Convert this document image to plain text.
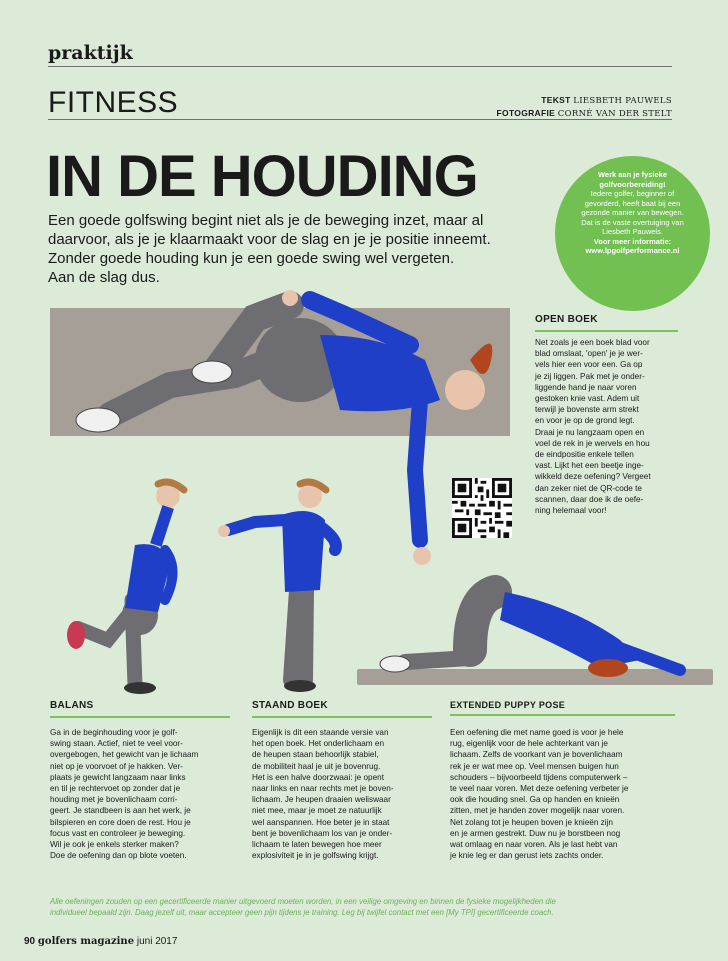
praktijk
FITNESS	TEKST LIESBETH PAUWELS
FOTOGRAFIE CORNÉ VAN DER STELT
IN DE HOUDING
Een goede golfswing begint niet als je de beweging inzet, maar al
daarvoor, als je je klaarmaakt voor de slag en je je positie inneemt.
Zonder goede houding kun je een goede swing wel vergeten.
Aan de slag dus.
Werk aan je fysieke
golfvoorbereiding!
Iedere golfer, beginner of
gevorderd, heeft baat bij een
gezonde manier van bewegen.
Dat is de vaste overtuiging van
Liesbeth Pauwels.
Voor meer informatie:
www.lpgolfperformance.nl
OPEN BOEK
Net zoals je een boek blad voor
blad omslaat, 'open' je je wer-
vels hier een voor een. Ga op
je zij liggen. Pak met je onder-
liggende hand je naar voren
gestoken knie vast. Adem uit
terwijl je bovenste arm strekt
en voor je op de grond legt.
Draai je nu langzaam open en
voel de rek in je wervels en hou
de eindpositie enkele tellen
vast. Lijkt het een beetje inge-
wikkeld deze oefening? Vergeet
dan zeker niet de QR-code te
scannen, daar doe ik de oefe-
ning helemaal voor!
BALANS
Ga in de beginhouding voor je golf-
swing staan. Actief, niet te veel voor-
overgebogen, het gewicht van je lichaam
niet op je voorvoet of je hakken. Ver-
plaats je gewicht langzaam naar links
en til je rechtervoet op zonder dat je
houding met je bovenlichaam corri-
geert. Je standbeen is aan het werk, je
bilspieren en core doen de rest. Hou je
focus vast en controleer je beweging.
Wil je ook je enkels sterker maken?
Doe de oefening dan op blote voeten.
STAAND BOEK
Eigenlijk is dit een staande versie van
het open boek. Het onderlichaam en
de heupen staan behoorlijk stabiel,
de mobiliteit haal je uit je bovenrug.
Het is een halve doorzwaai: je opent
naar links en naar rechts met je boven-
lichaam. Je heupen draaien weliswaar
niet mee, maar je moet ze natuurlijk
wel aanspannen. Hoe beter je in staat
bent je bovenlichaam los van je onder-
lichaam te laten bewegen hoe meer
explosiviteit je in je golfswing krijgt.
EXTENDED PUPPY POSE
Een oefening die met name goed is voor je hele
rug, eigenlijk voor de hele achterkant van je
lichaam. Zelfs de voorkant van je bovenlichaam
rek je er wat mee op. Veel mensen buigen hun
schouders – bijvoorbeeld tijdens computerwerk –
te veel naar voren. Met deze oefening verbeter je
ook die houding snel. Ga op handen en knieën
zitten, met je handen zover mogelijk naar voren.
Net zolang tot je heupen boven je knieën zijn
en je armen gestrekt. Duw nu je borstbeen nog
wat omlaag en naar voren. Als je last hebt van
je knie leg er dan gerust iets zachts onder.
Alle oefeningen zouden op een gecertificeerde manier uitgevoerd moeten worden, in een veilige omgeving en binnen de fysieke mogelijkheden die
individueel bepaald zijn. Daag jezelf uit, maar accepteer geen pijn tijdens je training. Leg bij twijfel contact met een [My TPI] gecertificeerde coach.
90 golfers magazine juni 2017
